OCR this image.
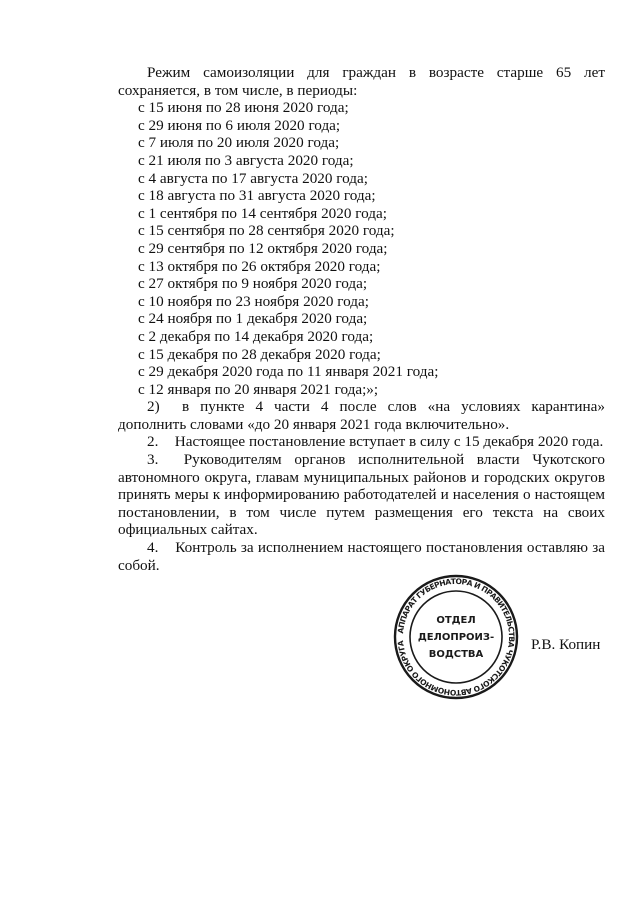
Режим самоизоляции для граждан в возрасте старше 65 лет сохраняется, в том числе, в периоды:

с 15 июня по 28 июня 2020 года;
с 29 июня по 6 июля 2020 года;
с 7 июля по 20 июля 2020 года;
с 21 июля по 3 августа 2020 года;
с 4 августа по 17 августа 2020 года;
с 18 августа по 31 августа 2020 года;
с 1 сентября по 14 сентября 2020 года;
с 15 сентября по 28 сентября 2020 года;
с 29 сентября по 12 октября 2020 года;
с 13 октября по 26 октября 2020 года;
с 27 октября по 9 ноября 2020 года;
с 10 ноября по 23 ноября 2020 года;
с 24 ноября по 1 декабря 2020 года;
с 2 декабря по 14 декабря 2020 года;
с 15 декабря по 28 декабря 2020 года;
с 29 декабря 2020 года по 11 января 2021 года;
с 12 января по 20 января 2021 года;»;

2) в пункте 4 части 4 после слов «на условиях карантина» дополнить словами «до 20 января 2021 года включительно».

2. Настоящее постановление вступает в силу с 15 декабря 2020 года.

3. Руководителям органов исполнительной власти Чукотского автономного округа, главам муниципальных районов и городских округов принять меры к информированию работодателей и населения о настоящем постановлении, в том числе путем размещения его текста на своих официальных сайтах.

4. Контроль за исполнением настоящего постановления оставляю за собой.

АППАРАТ ГУБЕРНАТОРА И ПРАВИТЕЛЬСТВА ЧУКОТСКОГО АВТОНОМНОГО ОКРУГА
ОТДЕЛ
ДЕЛОПРОИЗ-
ВОДСТВА
Р.В. Копин
